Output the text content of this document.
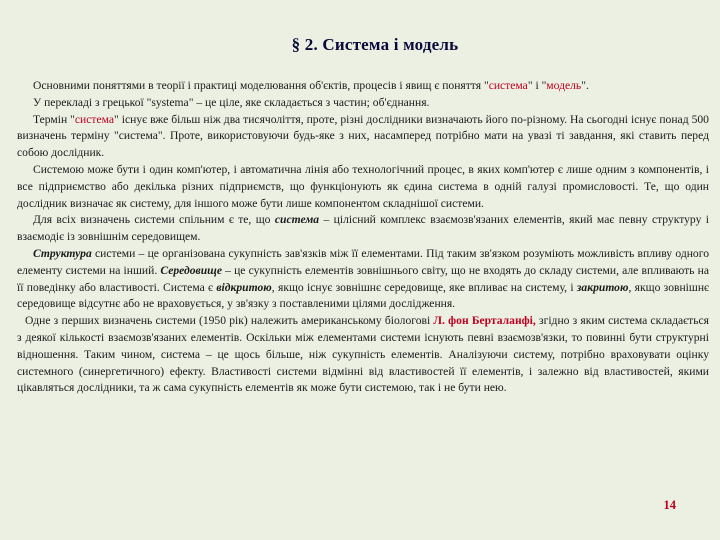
§ 2. Система і модель

Основними поняттями в теорії і практиці моделювання об'єктів, процесів і явищ є поняття "система" і "модель".

У перекладі з грецької "systema" – це ціле, яке складається з частин; об'єднання.

Термін "система" існує вже більш ніж два тисячоліття, проте, різні дослідники визначають його по-різному. На сьогодні існує понад 500 визначень терміну "система". Проте, використовуючи будь-яке з них, насамперед потрібно мати на увазі ті завдання, які ставить перед собою дослідник.

Системою може бути і один комп'ютер, і автоматична лінія або технологічний процес, в яких комп'ютер є лише одним з компонентів, і все підприємство або декілька різних підприємств, що функціонують як єдина система в одній галузі промисловості. Те, що один дослідник визначає як систему, для іншого може бути лише компонентом складнішої системи.

Для всіх визначень системи спільним є те, що система – цілісний комплекс взаємозв'язаних елементів, який має певну структуру і взаємодіє із зовнішнім середовищем.

Структура системи – це організована сукупність зав'язків між її елементами. Під таким зв'язком розуміють можливість впливу одного елементу системи на інший. Середовище – це сукупність елементів зовнішнього світу, що не входять до складу системи, але впливають на її поведінку або властивості. Система є відкритою, якщо існує зовнішнє середовище, яке впливає на систему, і закритою, якщо зовнішнє середовище відсутнє або не враховується, у зв'язку з поставленими цілями дослідження.

Одне з перших визначень системи (1950 рік) належить американському біологові Л. фон Берталанфі, згідно з яким система складається з деякої кількості взаємозв'язаних елементів. Оскільки між елементами системи існують певні взаємозв'язки, то повинні бути структурні відношення. Таким чином, система – це щось більше, ніж сукупність елементів. Аналізуючи систему, потрібно враховувати оцінку системного (синергетичного) ефекту. Властивості системи відмінні від властивостей її елементів, і залежно від властивостей, якими цікавляться дослідники, та ж сама сукупність елементів як може бути системою, так і не бути нею.

14
